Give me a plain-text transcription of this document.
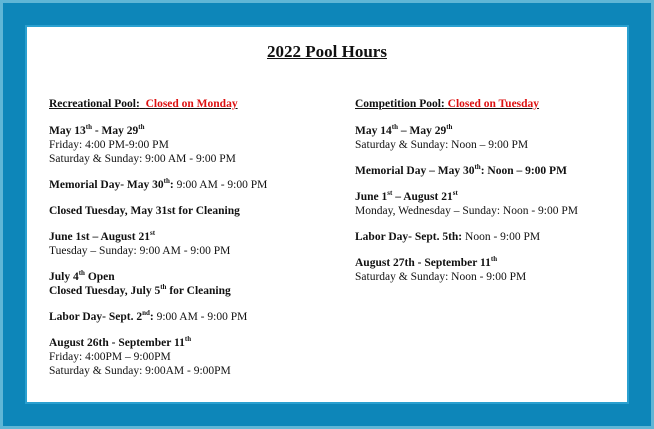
2022 Pool Hours
Recreational Pool: Closed on Monday
May 13th - May 29th
Friday: 4:00 PM-9:00 PM
Saturday & Sunday: 9:00 AM - 9:00 PM
Memorial Day- May 30th: 9:00 AM - 9:00 PM
Closed Tuesday, May 31st for Cleaning
June 1st – August 21st
Tuesday – Sunday: 9:00 AM - 9:00 PM
July 4th Open
Closed Tuesday, July 5th for Cleaning
Labor Day- Sept. 2nd: 9:00 AM - 9:00 PM
August 26th - September 11th
Friday: 4:00PM – 9:00PM
Saturday & Sunday: 9:00AM - 9:00PM
Competition Pool: Closed on Tuesday
May 14th – May 29th
Saturday & Sunday: Noon – 9:00 PM
Memorial Day – May 30th: Noon – 9:00 PM
June 1st – August 21st
Monday, Wednesday – Sunday: Noon - 9:00 PM
Labor Day- Sept. 5th: Noon - 9:00 PM
August 27th - September 11th
Saturday & Sunday: Noon - 9:00 PM
